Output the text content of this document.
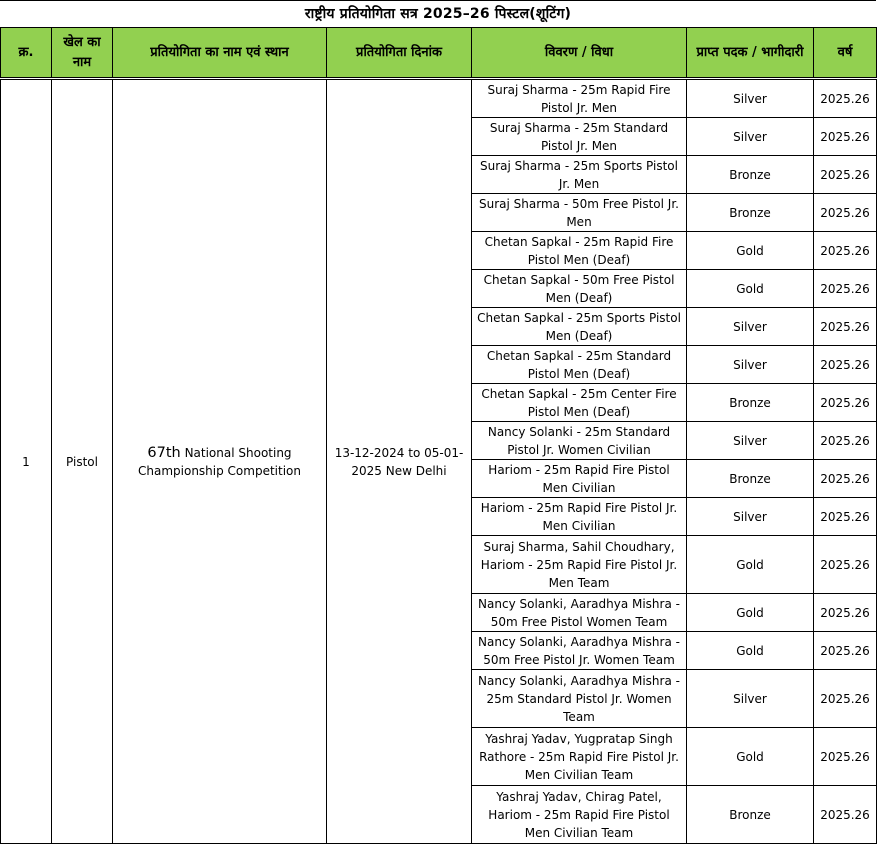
राष्ट्रीय प्रतियोगिता सत्र 2025–26 पिस्टल(शूटिंग)
क्र.	खेल का नाम	प्रतियोगिता का नाम एवं स्थान	प्रतियोगिता दिनांक	विवरण / विधा	प्राप्त पदक / भागीदारी	वर्ष

1	Pistol	67th National Shooting Championship Competition	13-12-2024 to 05-01-2025 New Delhi	Suraj Sharma - 25m Rapid Fire Pistol Jr. Men	Silver	2025.26
				Suraj Sharma - 25m Standard Pistol Jr. Men	Silver	2025.26
				Suraj Sharma - 25m Sports Pistol Jr. Men	Bronze	2025.26
				Suraj Sharma - 50m Free Pistol Jr. Men	Bronze	2025.26
				Chetan Sapkal - 25m Rapid Fire Pistol Men (Deaf)	Gold	2025.26
				Chetan Sapkal - 50m Free Pistol Men (Deaf)	Gold	2025.26
				Chetan Sapkal - 25m Sports Pistol Men (Deaf)	Silver	2025.26
				Chetan Sapkal - 25m Standard Pistol Men (Deaf)	Silver	2025.26
				Chetan Sapkal - 25m Center Fire Pistol Men (Deaf)	Bronze	2025.26
				Nancy Solanki - 25m Standard Pistol Jr. Women Civilian	Silver	2025.26
				Hariom - 25m Rapid Fire Pistol Men Civilian	Bronze	2025.26
				Hariom - 25m Rapid Fire Pistol Jr. Men Civilian	Silver	2025.26
				Suraj Sharma, Sahil Choudhary, Hariom - 25m Rapid Fire Pistol Jr. Men Team	Gold	2025.26
				Nancy Solanki, Aaradhya Mishra - 50m Free Pistol Women Team	Gold	2025.26
				Nancy Solanki, Aaradhya Mishra - 50m Free Pistol Jr. Women Team	Gold	2025.26
				Nancy Solanki, Aaradhya Mishra - 25m Standard Pistol Jr. Women Team	Silver	2025.26
				Yashraj Yadav, Yugpratap Singh Rathore - 25m Rapid Fire Pistol Jr. Men Civilian Team	Gold	2025.26
				Yashraj Yadav, Chirag Patel, Hariom - 25m Rapid Fire Pistol Men Civilian Team	Bronze	2025.26
